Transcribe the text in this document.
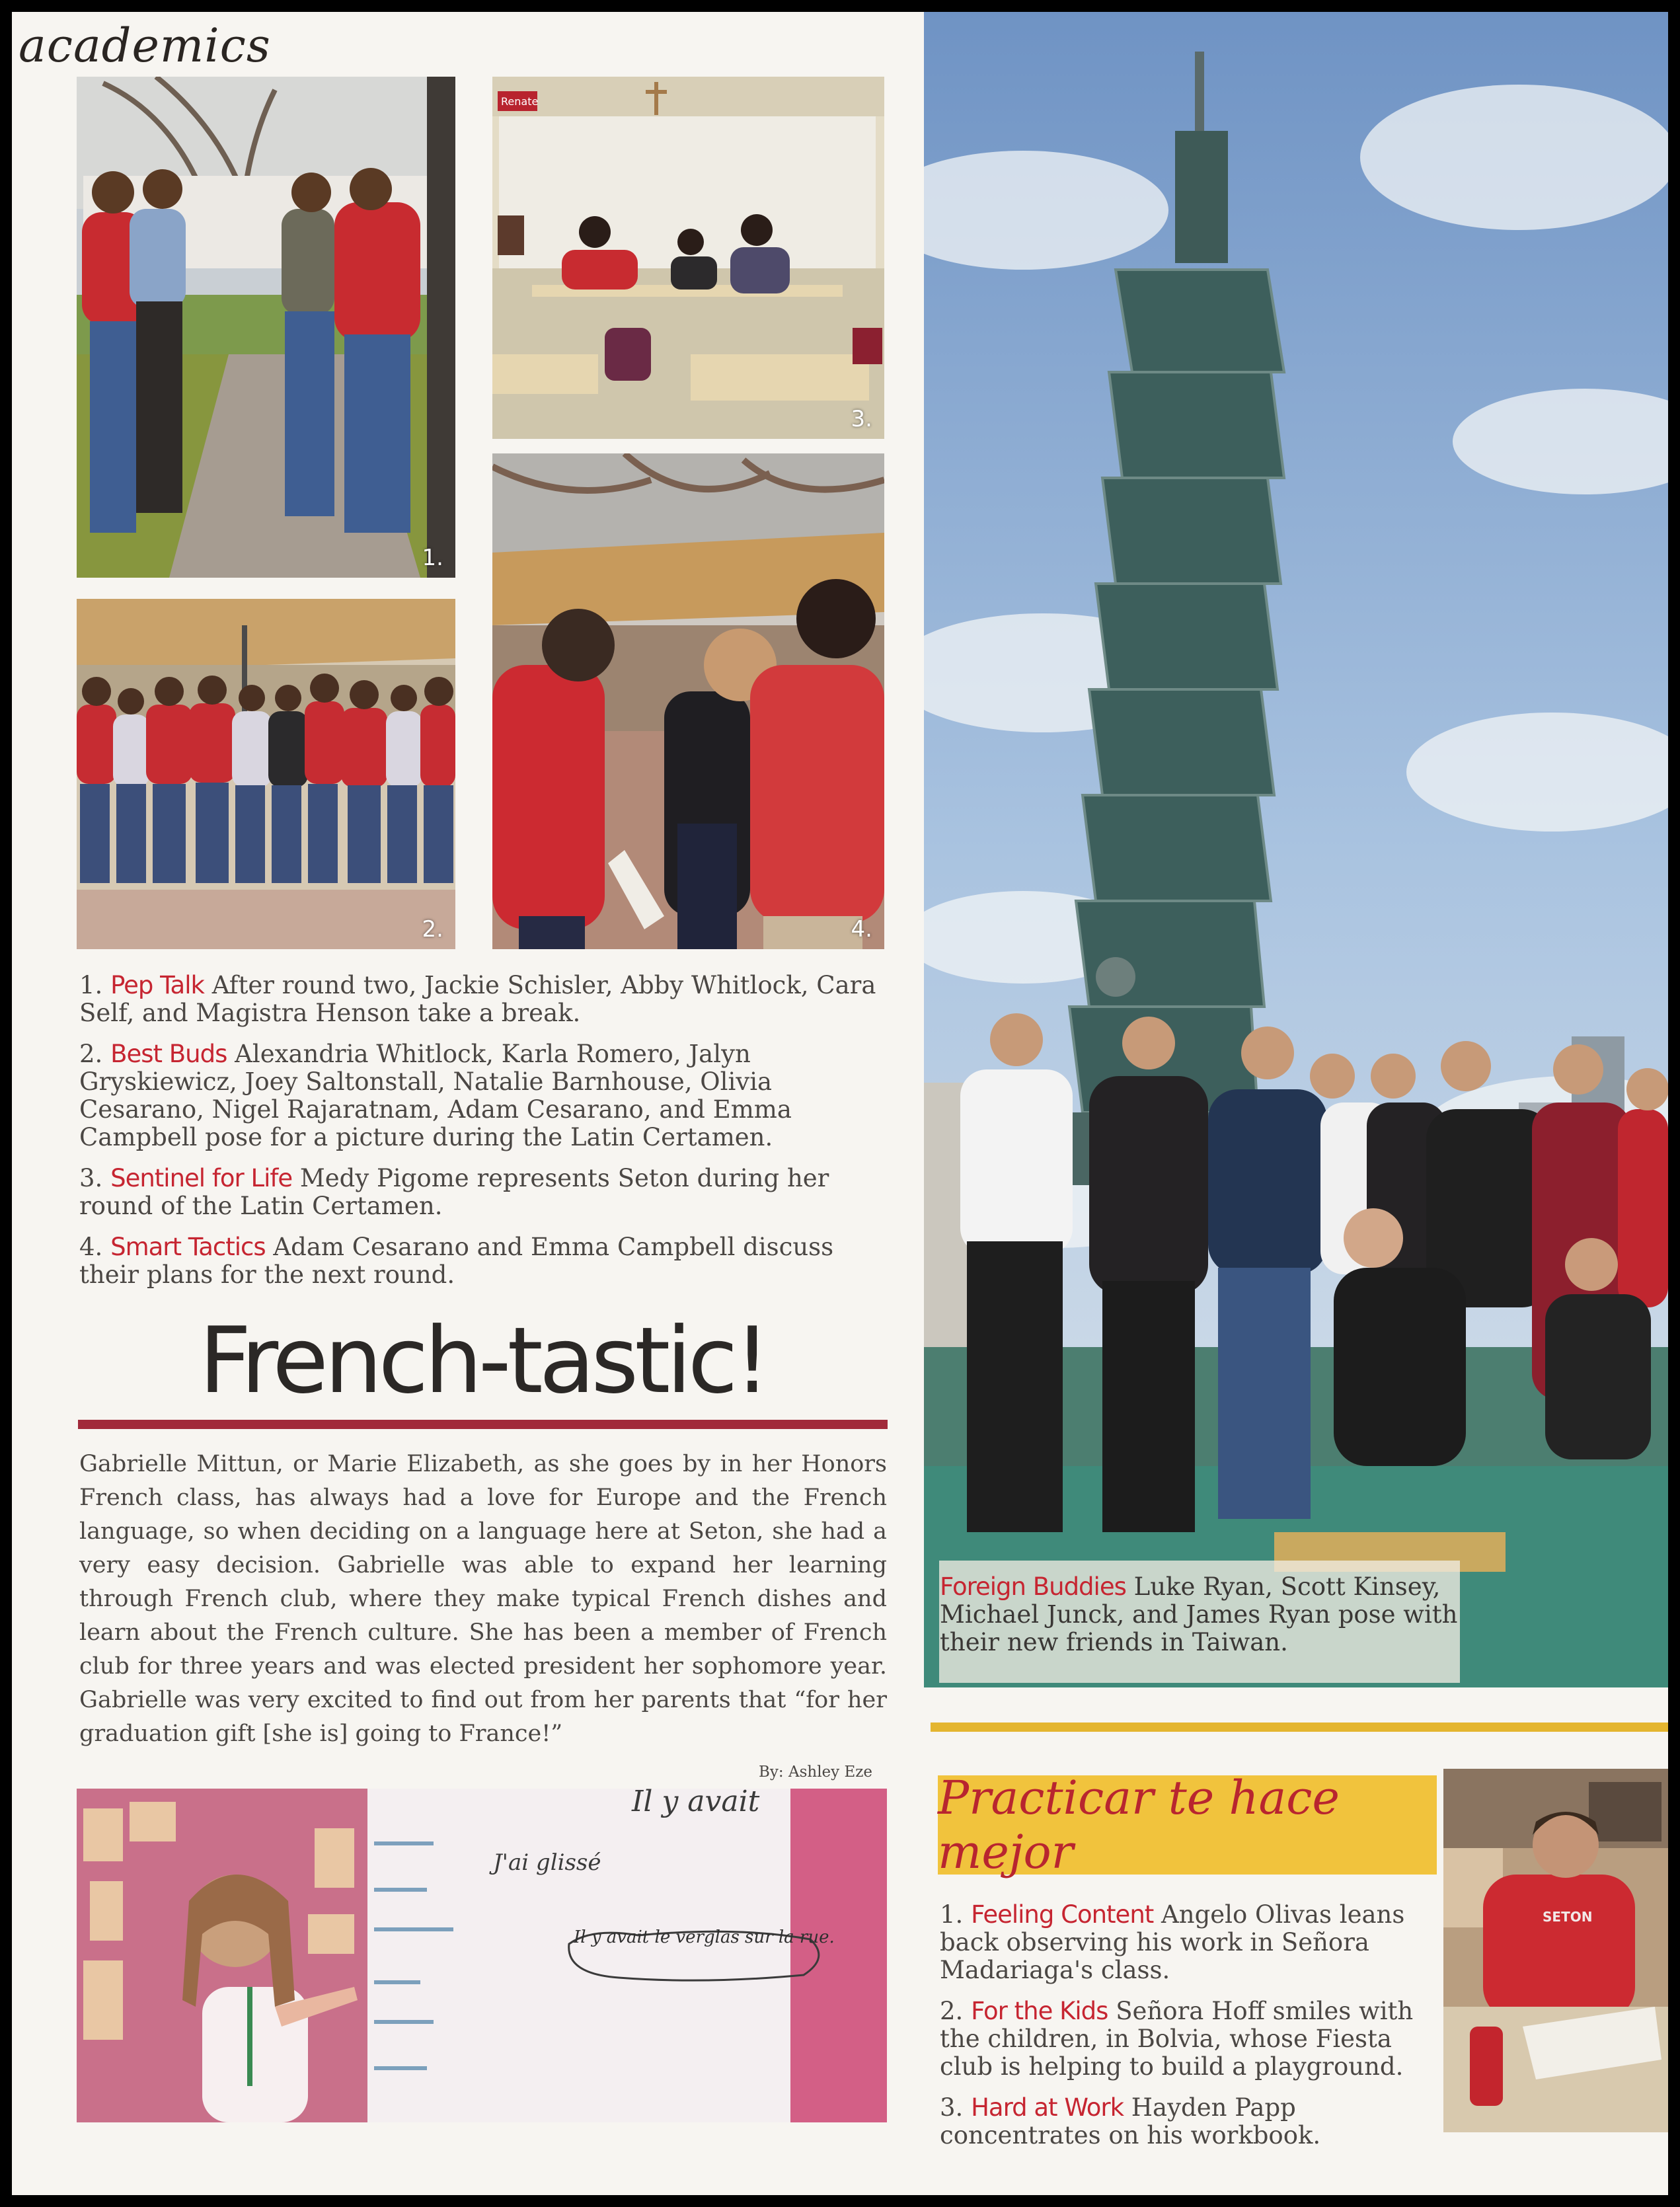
academics
1.
3.
Renate
2.	4.

1. Pep Talk After round two, Jackie Schisler, Abby Whitlock, Cara Self, and Magistra Henson take a break.

2. Best Buds Alexandria Whitlock, Karla Romero, Jalyn Gryskiewicz, Joey Saltonstall, Natalie Barnhouse, Olivia Cesarano, Nigel Rajaratnam, Adam Cesarano, and Emma Campbell pose for a picture during the Latin Certamen.

3. Sentinel for Life Medy Pigome represents Seton during her round of the Latin Certamen.

4. Smart Tactics Adam Cesarano and Emma Campbell discuss their plans for the next round.

French-tastic!
Gabrielle Mittun, or Marie Elizabeth, as she goes by in her Honors French class, has always had a love for Europe and the French language, so when deciding on a language here at Seton, she had a very easy decision. Gabrielle was able to expand her learning through French club, where they make typical French dishes and learn about the French culture. She has been a member of French club for three years and was elected president her sophomore year. Gabrielle was very excited to find out from her parents that “for her graduation gift [she is] going to France!”
By: Ashley Eze
Il y avait
J'ai glissé
Il y avait le verglas sur la rue.

Foreign Buddies Luke Ryan, Scott Kinsey, Michael Junck, and James Ryan pose with their new friends in Taiwan.

Practicar te hace mejor

1. Feeling Content Angelo Olivas leans back observing his work in Señora Madariaga's class.

2. For the Kids Señora Hoff smiles with the children, in Bolvia, whose Fiesta club is helping to build a playground.

3. Hard at Work Hayden Papp concentrates on his workbook.

SETON
